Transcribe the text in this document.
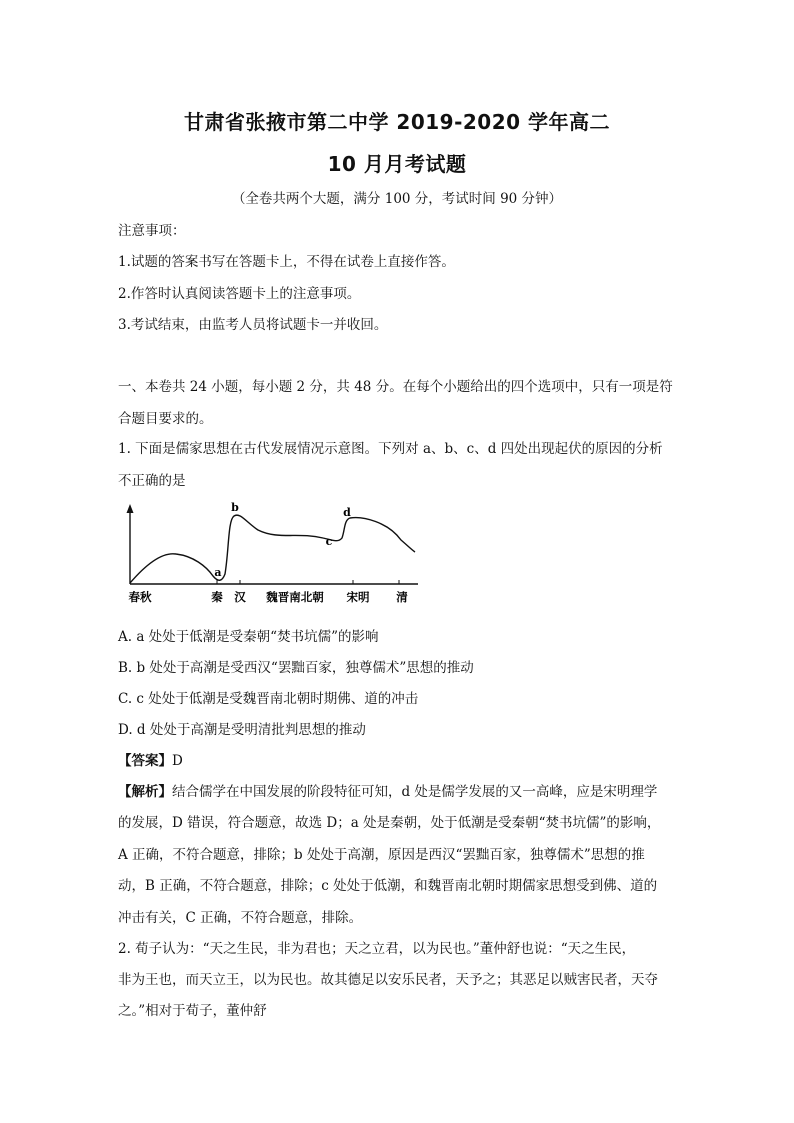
甘肃省张掖市第二中学 2019-2020 学年高二
10 月月考试题
（全卷共两个大题，满分 100 分，考试时间 90 分钟）
注意事项：
1.试题的答案书写在答题卡上，不得在试卷上直接作答。
2.作答时认真阅读答题卡上的注意事项。
3.考试结束，由监考人员将试题卡一并收回。
一、本卷共 24 小题，每小题 2 分，共 48 分。在每个小题给出的四个选项中，只有一项是符
合题目要求的。
1. 下面是儒家思想在古代发展情况示意图。下列对 a、b、c、d 四处出现起伏的原因的分析
不正确的是
a
b
c
d
春秋	秦 汉 魏晋南北朝 宋明 清
A. a 处处于低潮是受秦朝“焚书坑儒”的影响
B. b 处处于高潮是受西汉“罢黜百家，独尊儒术”思想的推动
C. c 处处于低潮是受魏晋南北朝时期佛、道的冲击
D. d 处处于高潮是受明清批判思想的推动
【答案】D
【解析】结合儒学在中国发展的阶段特征可知，d 处是儒学发展的又一高峰，应是宋明理学
的发展，D 错误，符合题意，故选 D；a 处是秦朝，处于低潮是受秦朝“焚书坑儒”的影响，
A 正确，不符合题意，排除；b 处处于高潮，原因是西汉“罢黜百家，独尊儒术”思想的推
动，B 正确，不符合题意，排除；c 处处于低潮，和魏晋南北朝时期儒家思想受到佛、道的
冲击有关，C 正确，不符合题意，排除。
2. 荀子认为：“天之生民，非为君也；天之立君，以为民也。”董仲舒也说：“天之生民，
非为王也，而天立王，以为民也。故其德足以安乐民者，天予之；其恶足以贼害民者，天夺
之。”相对于荀子，董仲舒
